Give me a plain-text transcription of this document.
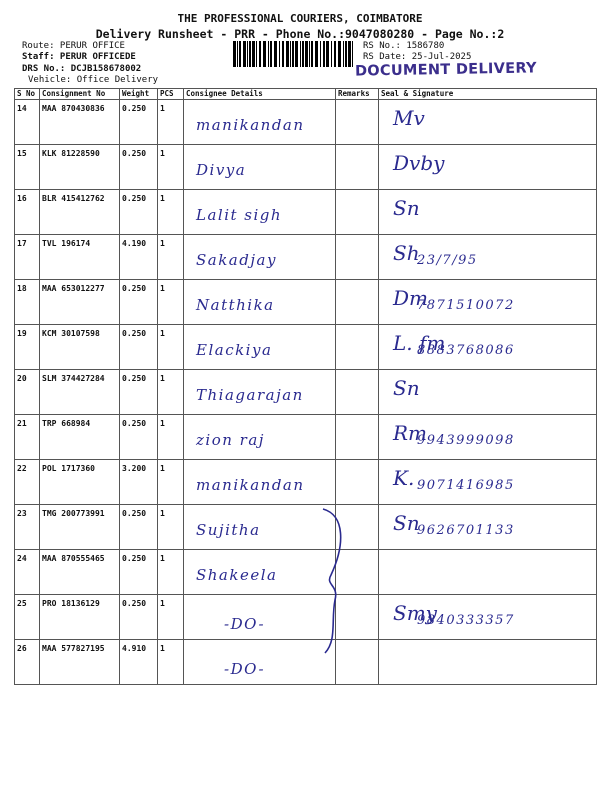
THE PROFESSIONAL COURIERS, COIMBATORE
Delivery Runsheet - PRR - Phone No.:9047080280 - Page No.:2
Route: PERUR OFFICE
Staff: PERUR OFFICEDE
DRS No.: DCJB158678002
Vehicle: Office Delivery
RS No.: 1586780
RS Date: 25-Jul-2025
DOCUMENT DELIVERY
S No	Consignment No	Weight	PCS	Consignee Details	Remarks	Seal & Signature
14	MAA 870430836	0.250	1	manikandan		Mv

15	KLK 81228590	0.250	1	Divya		Dvby

16	BLR 415412762	0.250	1	Lalit sigh		Sn

17	TVL 196174	4.190	1	Sakadjay		Sh
23/7/95

18	MAA 653012277	0.250	1	Natthika		Dm
7871510072

19	KCM 30107598	0.250	1	Elackiya		L. fm
8883768086

20	SLM 374427284	0.250	1	Thiagarajan		Sn

21	TRP 668984	0.250	1	zion raj		Rm
9943999098

22	POL 1717360	3.200	1	manikandan		K. 9071416985

23	TMG 200773991	0.250	1	Sujitha		Sn
9626701133

24	MAA 870555465	0.250	1	Shakeela		

25	PRO 18136129	0.250	1	-DO-		Smy
9840333357

26	MAA 577827195	4.910	1	-DO-		
